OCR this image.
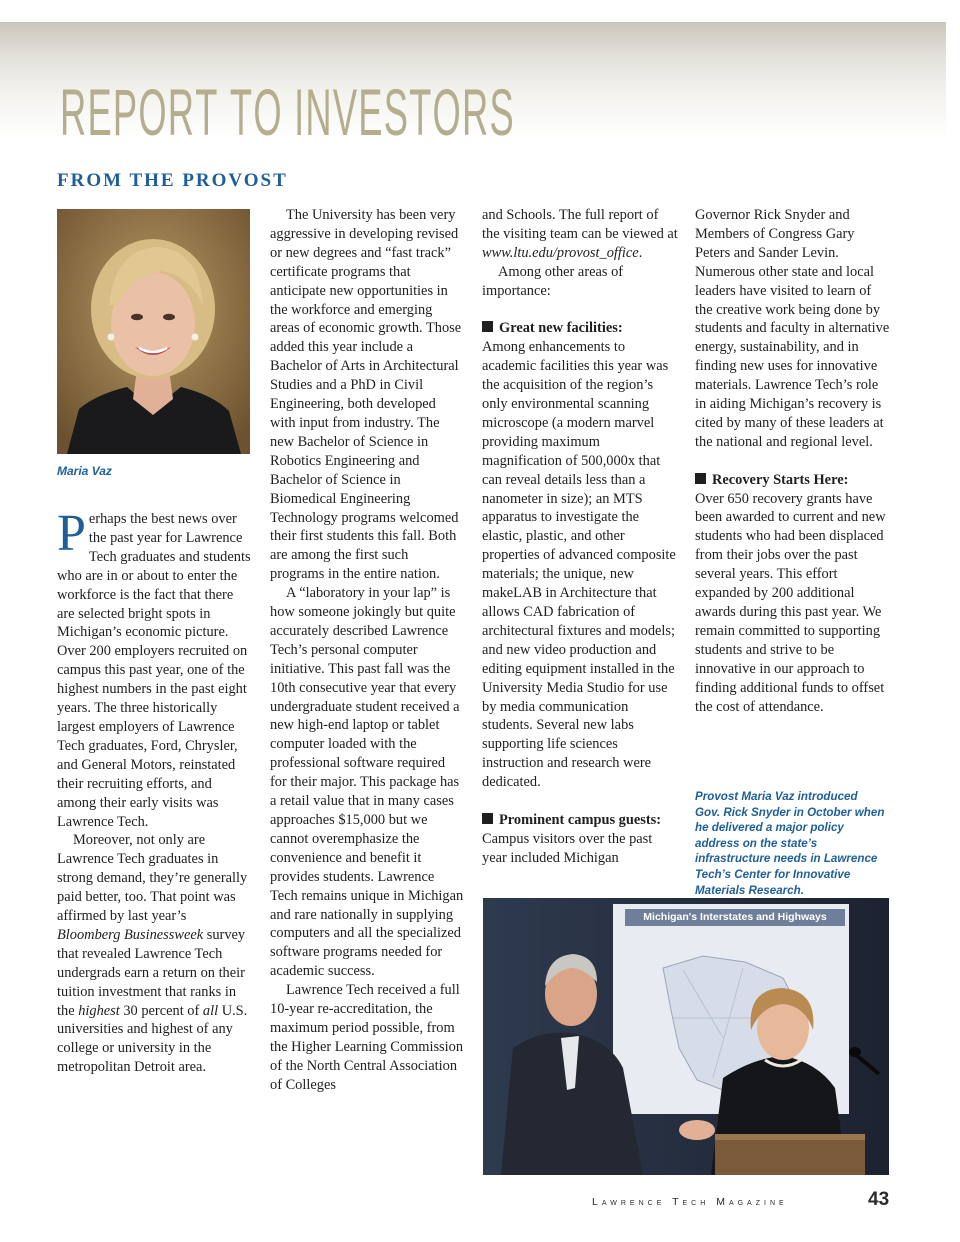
R E P O R T
T O
I N V E S T O R S
FROM THE PROVOST
Maria Vaz

Perhaps the best news over the past year for Lawrence Tech graduates and students who are in or about to enter the workforce is the fact that there are selected bright spots in Michigan’s economic picture. Over 200 employers recruited on campus this past year, one of the highest numbers in the past eight years. The three historically largest employers of Lawrence Tech graduates, Ford, Chrysler, and General Motors, reinstated their recruiting efforts, and among their early visits was Lawrence Tech.

Moreover, not only are Lawrence Tech graduates in strong demand, they’re generally paid better, too. That point was affirmed by last year’s Bloomberg Businessweek survey that revealed Lawrence Tech undergrads earn a return on their tuition investment that ranks in the highest 30 percent of all U.S. universities and highest of any college or university in the metropolitan Detroit area.

The University has been very aggressive in developing revised or new degrees and “fast track” certificate programs that anticipate new opportunities in the workforce and emerging areas of economic growth. Those added this year include a Bachelor of Arts in Architectural Studies and a PhD in Civil Engineering, both developed with input from industry. The new Bachelor of Science in Robotics Engineering and Bachelor of Science in Biomedical Engineering Technology programs welcomed their first students this fall. Both are among the first such programs in the entire nation.

A “laboratory in your lap” is how someone jokingly but quite accurately described Lawrence Tech’s personal computer initiative. This past fall was the 10th consecutive year that every undergraduate student received a new high-end laptop or tablet computer loaded with the professional software required for their major. This package has a retail value that in many cases approaches $15,000 but we cannot overemphasize the convenience and benefit it provides students. Lawrence Tech remains unique in Michigan and rare nationally in supplying computers and all the specialized software programs needed for academic success.

Lawrence Tech received a full 10-year re-accreditation, the maximum period possible, from the Higher Learning Commission of the North Central Association of Colleges

and Schools. The full report of the visiting team can be viewed at www.ltu.edu/provost_office.

Among other areas of importance:

Great new facilities:

Among enhancements to academic facilities this year was the acquisition of the region’s only environmental scanning microscope (a modern marvel providing maximum magnification of 500,000x that can reveal details less than a nanometer in size); an MTS apparatus to investigate the elastic, plastic, and other properties of advanced composite materials; the unique, new makeLAB in Architecture that allows CAD fabrication of architectural fixtures and models; and new video production and editing equipment installed in the University Media Studio for use by media communication students. Several new labs supporting life sciences instruction and research were dedicated.

Prominent campus guests:

Campus visitors over the past year included Michigan

Governor Rick Snyder and Members of Congress Gary Peters and Sander Levin. Numerous other state and local leaders have visited to learn of the creative work being done by students and faculty in alternative energy, sustainability, and in finding new uses for innovative materials. Lawrence Tech’s role in aiding Michigan’s recovery is cited by many of these leaders at the national and regional level.

Recovery Starts Here:

Over 650 recovery grants have been awarded to current and new students who had been displaced from their jobs over the past several years. This effort expanded by 200 additional awards during this past year. We remain committed to supporting students and strive to be innovative in our approach to finding additional funds to offset the cost of attendance.

Provost Maria Vaz introduced Gov. Rick Snyder in October when he delivered a major policy address on the state’s infrastructure needs in Lawrence Tech’s Center for Innovative Materials Research.
Michigan's Interstates and Highways
Lawrence Tech Magazine	43
